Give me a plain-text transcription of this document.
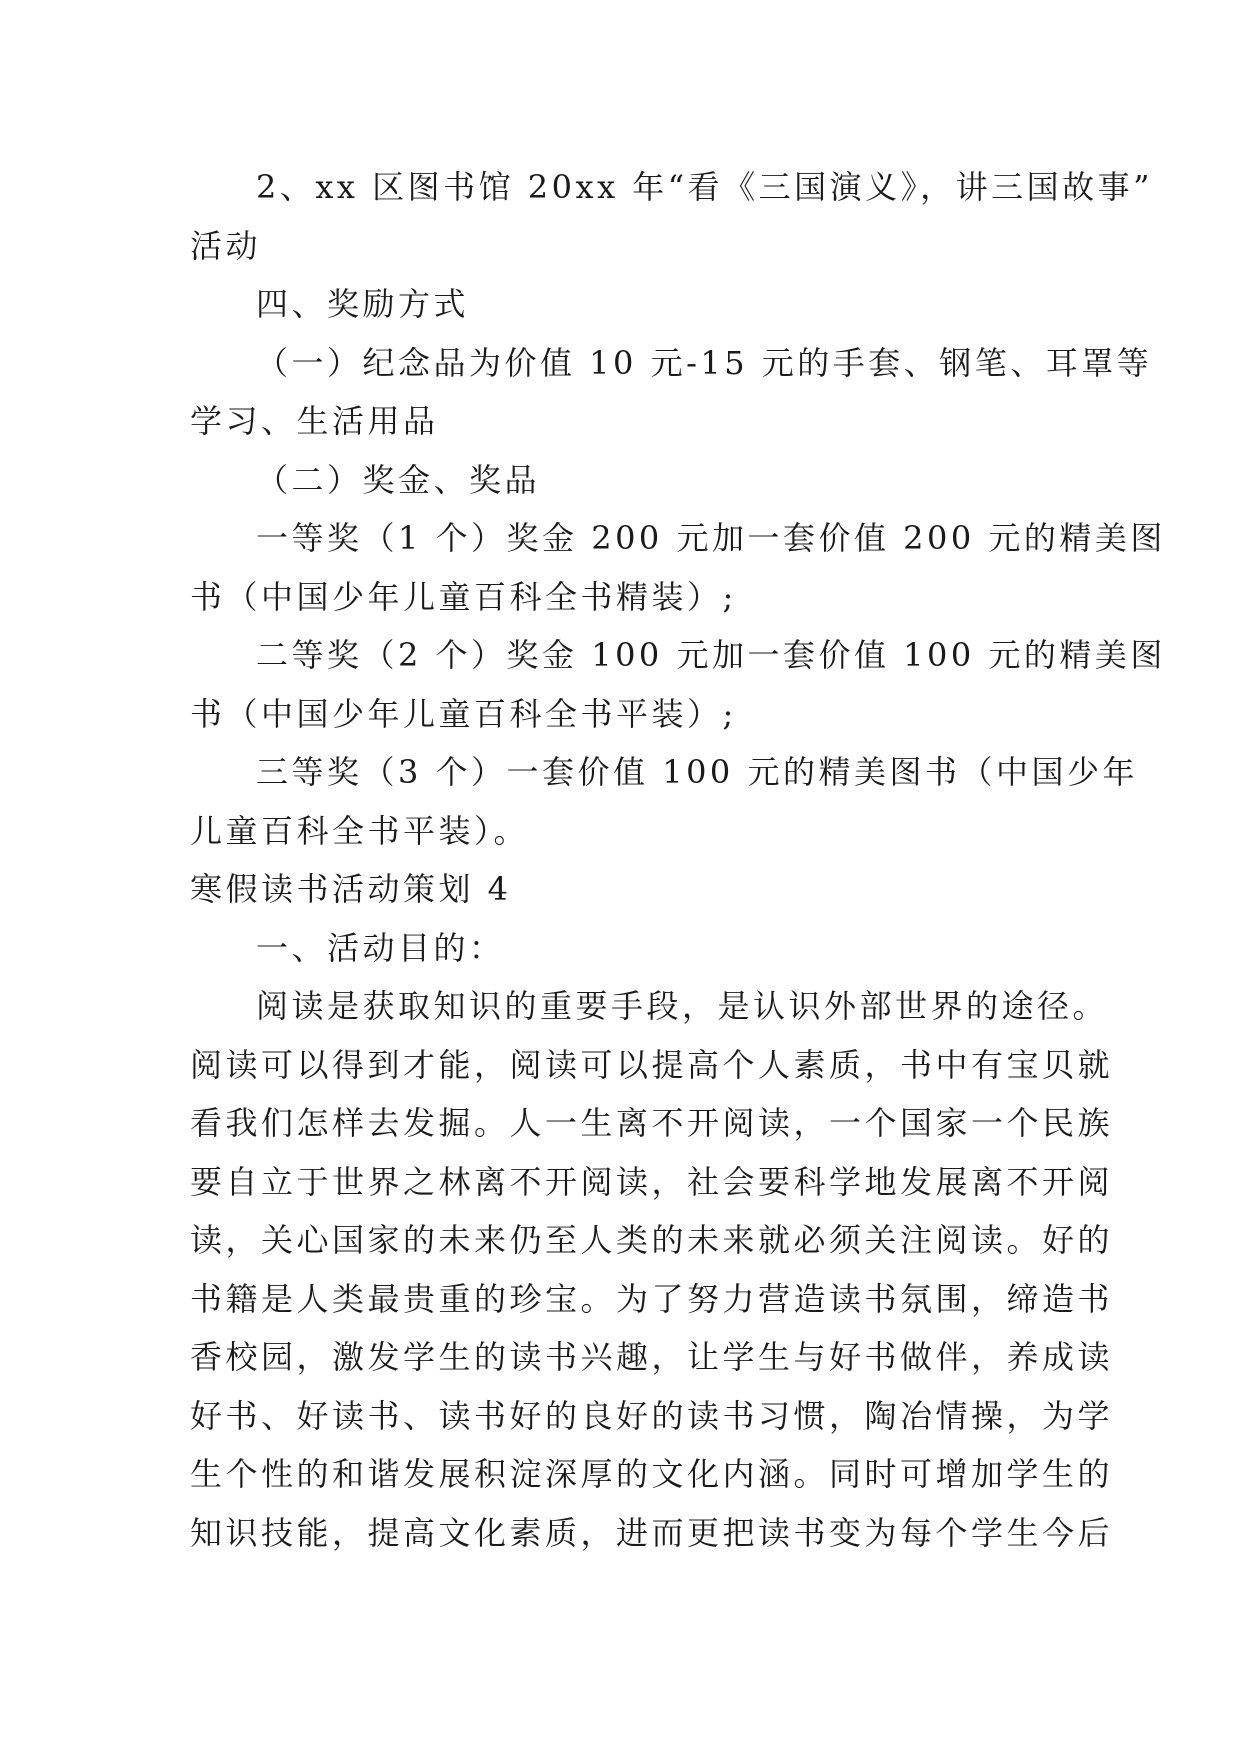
2、xx 区图书馆 20xx 年“看《三国演义》，讲三国故事”
活动
四、奖励方式
（一）纪念品为价值 10 元-15 元的手套、钢笔、耳罩等
学习、生活用品
（二）奖金、奖品
一等奖（1 个）奖金 200 元加一套价值 200 元的精美图
书（中国少年儿童百科全书精装）;
二等奖（2 个）奖金 100 元加一套价值 100 元的精美图
书（中国少年儿童百科全书平装）;
三等奖（3 个）一套价值 100 元的精美图书（中国少年
儿童百科全书平装）。
寒假读书活动策划 4
一、活动目的：
阅读是获取知识的重要手段，是认识外部世界的途径。
阅读可以得到才能，阅读可以提高个人素质，书中有宝贝就
看我们怎样去发掘。人一生离不开阅读，一个国家一个民族
要自立于世界之林离不开阅读，社会要科学地发展离不开阅
读，关心国家的未来仍至人类的未来就必须关注阅读。好的
书籍是人类最贵重的珍宝。为了努力营造读书氛围，缔造书
香校园，激发学生的读书兴趣，让学生与好书做伴，养成读
好书、好读书、读书好的良好的读书习惯，陶冶情操，为学
生个性的和谐发展积淀深厚的文化内涵。同时可增加学生的
知识技能，提高文化素质，进而更把读书变为每个学生今后
